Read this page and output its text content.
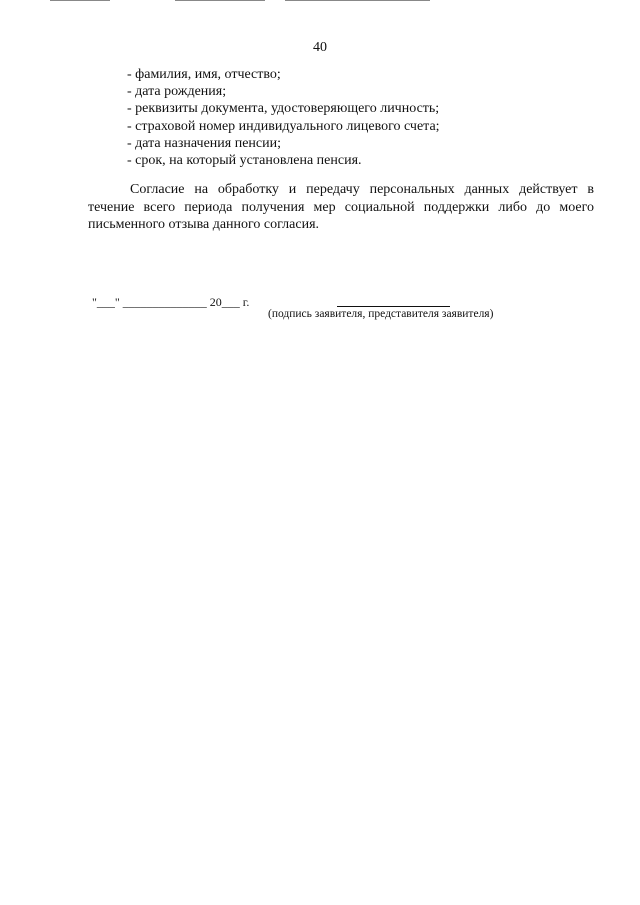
40
- фамилия, имя, отчество;
- дата рождения;
- реквизиты документа, удостоверяющего личность;
- страховой номер индивидуального лицевого счета;
- дата назначения пенсии;
- срок, на который установлена пенсия.
Согласие на обработку и передачу персональных данных действует в
течение всего периода получения мер социальной поддержки либо до моего
письменного отзыва данного согласия.
"___" ______________ 20___ г.
(подпись заявителя, представителя заявителя)
